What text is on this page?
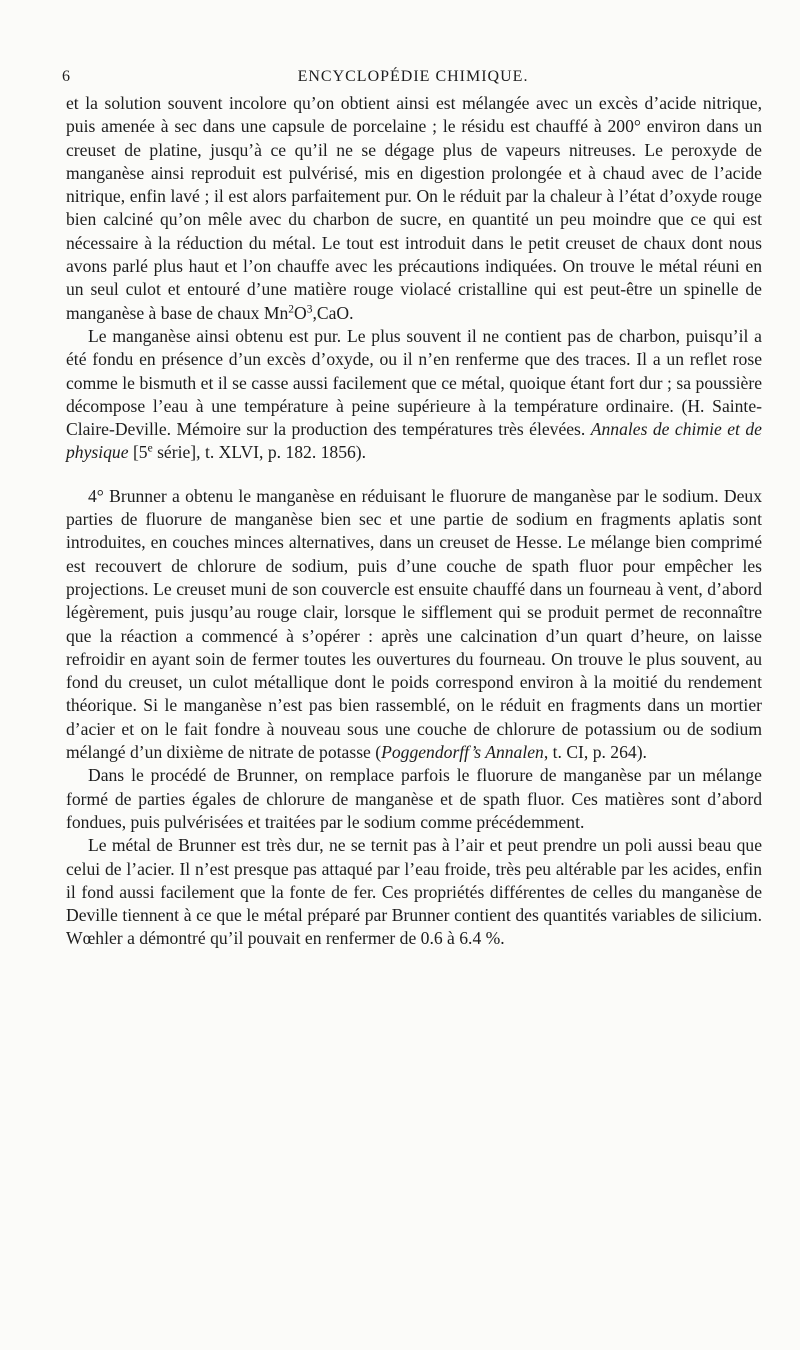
6	ENCYCLOPÉDIE CHIMIQUE.

et la solution souvent incolore qu’on obtient ainsi est mélangée avec un excès d’acide nitrique, puis amenée à sec dans une capsule de porcelaine ; le résidu est chauffé à 200° environ dans un creuset de platine, jusqu’à ce qu’il ne se dégage plus de vapeurs nitreuses. Le peroxyde de manganèse ainsi reproduit est pulvérisé, mis en digestion prolongée et à chaud avec de l’acide nitrique, enfin lavé ; il est alors parfaitement pur. On le réduit par la chaleur à l’état d’oxyde rouge bien calciné qu’on mêle avec du charbon de sucre, en quantité un peu moindre que ce qui est nécessaire à la réduction du métal. Le tout est introduit dans le petit creuset de chaux dont nous avons parlé plus haut et l’on chauffe avec les précautions indiquées. On trouve le métal réuni en un seul culot et entouré d’une matière rouge violacé cristalline qui est peut-être un spinelle de manganèse à base de chaux $Mn^2O^3,CaO$.

Le manganèse ainsi obtenu est pur. Le plus souvent il ne contient pas de charbon, puisqu’il a été fondu en présence d’un excès d’oxyde, ou il n’en renferme que des traces. Il a un reflet rose comme le bismuth et il se casse aussi facilement que ce métal, quoique étant fort dur ; sa poussière décompose l’eau à une température à peine supérieure à la température ordinaire. (H. Sainte-Claire-Deville. Mémoire sur la production des températures très élevées. Annales de chimie et de physique [5e série], t. XLVI, p. 182. 1856).

4° Brunner a obtenu le manganèse en réduisant le fluorure de manganèse par le sodium. Deux parties de fluorure de manganèse bien sec et une partie de sodium en fragments aplatis sont introduites, en couches minces alternatives, dans un creuset de Hesse. Le mélange bien comprimé est recouvert de chlorure de sodium, puis d’une couche de spath fluor pour empêcher les projections. Le creuset muni de son couvercle est ensuite chauffé dans un fourneau à vent, d’abord légèrement, puis jusqu’au rouge clair, lorsque le sifflement qui se produit permet de reconnaître que la réaction a commencé à s’opérer : après une calcination d’un quart d’heure, on laisse refroidir en ayant soin de fermer toutes les ouvertures du fourneau. On trouve le plus souvent, au fond du creuset, un culot métallique dont le poids correspond environ à la moitié du rendement théorique. Si le manganèse n’est pas bien rassemblé, on le réduit en fragments dans un mortier d’acier et on le fait fondre à nouveau sous une couche de chlorure de potassium ou de sodium mélangé d’un dixième de nitrate de potasse (Poggendorff’s Annalen, t. CI, p. 264).

Dans le procédé de Brunner, on remplace parfois le fluorure de manganèse par un mélange formé de parties égales de chlorure de manganèse et de spath fluor. Ces matières sont d’abord fondues, puis pulvérisées et traitées par le sodium comme précédemment.

Le métal de Brunner est très dur, ne se ternit pas à l’air et peut prendre un poli aussi beau que celui de l’acier. Il n’est presque pas attaqué par l’eau froide, très peu altérable par les acides, enfin il fond aussi facilement que la fonte de fer. Ces propriétés différentes de celles du manganèse de Deville tiennent à ce que le métal préparé par Brunner contient des quantités variables de silicium. Wœhler a démontré qu’il pouvait en renfermer de 0.6 à 6.4 %.
